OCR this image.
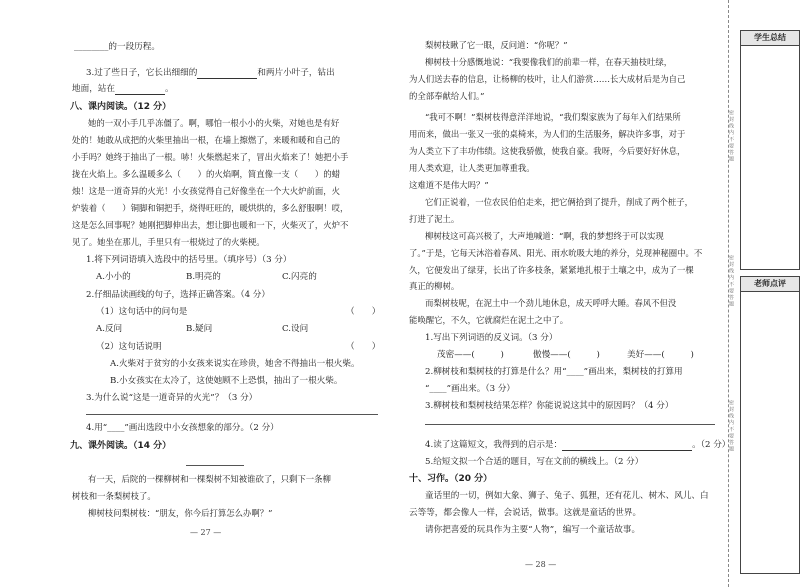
________的一段历程。
3.过了些日子，它长出细细的	和两片小叶子，钻出
地面，站在	。
八、课内阅读。（12 分）
她的一双小手几乎冻僵了。啊，哪怕一根小小的火柴，对她也是有好
处的！她敢从成把的火柴里抽出一根，在墙上擦燃了，来暖和暖和自己的
小手吗？她终于抽出了一根。哧！火柴燃起来了，冒出火焰来了！她把小手
拢在火焰上。多么温暖多么（　　）的火焰啊，简直像一支（　　）的蜡
烛！这是一道奇异的火光！小女孩觉得自己好像坐在一个大火炉前面，火
炉装着（　　）铜脚和铜把手，烧得旺旺的，暖烘烘的，多么舒服啊！哎，
这是怎么回事呢？她刚把脚伸出去，想让脚也暖和一下，火柴灭了，火炉不
见了。她坐在那儿，手里只有一根烧过了的火柴梗。
1.将下列词语填入选段中的括号里。（填序号）（3 分）
A.小小的	B.明亮的	C.闪亮的
2.仔细品读画线的句子，选择正确答案。（4 分）
（1）这句话中的问句是	（　　）
A.反问	B.疑问	C.设问
（2）这句话说明	（　　）
A.火柴对于贫穷的小女孩来说实在珍贵，她舍不得抽出一根火柴。
B.小女孩实在太冷了，这使她顾不上恐惧，抽出了一根火柴。
3.为什么说“这是一道奇异的火光”？（3 分）
4.用“____”画出选段中小女孩想象的部分。（2 分）
九、课外阅读。（14 分）
有一天，后院的一棵柳树和一棵梨树不知被谁砍了，只剩下一条柳
树枝和一条梨树枝了。
柳树枝问梨树枝：“朋友，你今后打算怎么办啊？”
— 27 —
梨树枝瞅了它一眼，反问道：“你呢？”
柳树枝十分感慨地说：“我要像我们的前辈一样，在春天抽枝吐绿，
为人们送去春的信息，让杨柳的枝叶，让人们游赏……长大成材后是为自己
的全部奉献给人们。”
“我可不啊！”梨树枝得意洋洋地说，“我们梨家族为了每年入们结果所
用而来，做出一张又一张的桌椅来，为人们的生活服务，解决许多事，对于
为人类立下了丰功伟绩。这使我骄傲，使我自豪。我呀，今后要好好休息，
用人类欢迎，让人类更加尊重我。
这难道不是伟大吗？”
它们正说着，一位农民伯伯走来，把它俩拾到了提升，削成了两个桩子，
打进了泥土。
柳树枝这可高兴极了，大声地喊道：“啊，我的梦想终于可以实现
了。”于是，它每天沐浴着春风、阳光、雨水吮吸大地的养分，兑现神秘圈中。不
久，它便发出了绿芽，长出了许多枝条，紧紧地扎根于土壤之中，成为了一棵
真正的柳树。
而梨树枝呢，在泥土中一个劲儿地休息，成天呼呼大睡。春风不但没
能唤醒它，不久，它就腐烂在泥土之中了。
1.写出下列词语的反义词。（3 分）
茂密——(　　　)	傲慢——(　　　)	美好——(　　　)
2.柳树枝和梨树枝的打算是什么？用“____”画出来，梨树枝的打算用
“____”画出来。（3 分）
3.柳树枝和梨树枝结果怎样？你能说说这其中的原因吗？（4 分）
4.读了这篇短文，我得到的启示是：	。（2 分）
5.给短文拟一个合适的题目，写在文前的横线上。（2 分）
十、习作。（20 分）
童话里的一切，例如大象、狮子、兔子、狐狸，还有花儿、树木、风儿、白
云等等，都会像人一样，会说话，做事。这就是童话的世界。
请你把喜爱的玩具作为主要“人物”，编写一个童话故事。
— 28 —
密 封 线 内 不 要 答 题
密 封 线 内 不 要 答 题
密 封 线 内 不 要 答 题
学生总结
老师点评
